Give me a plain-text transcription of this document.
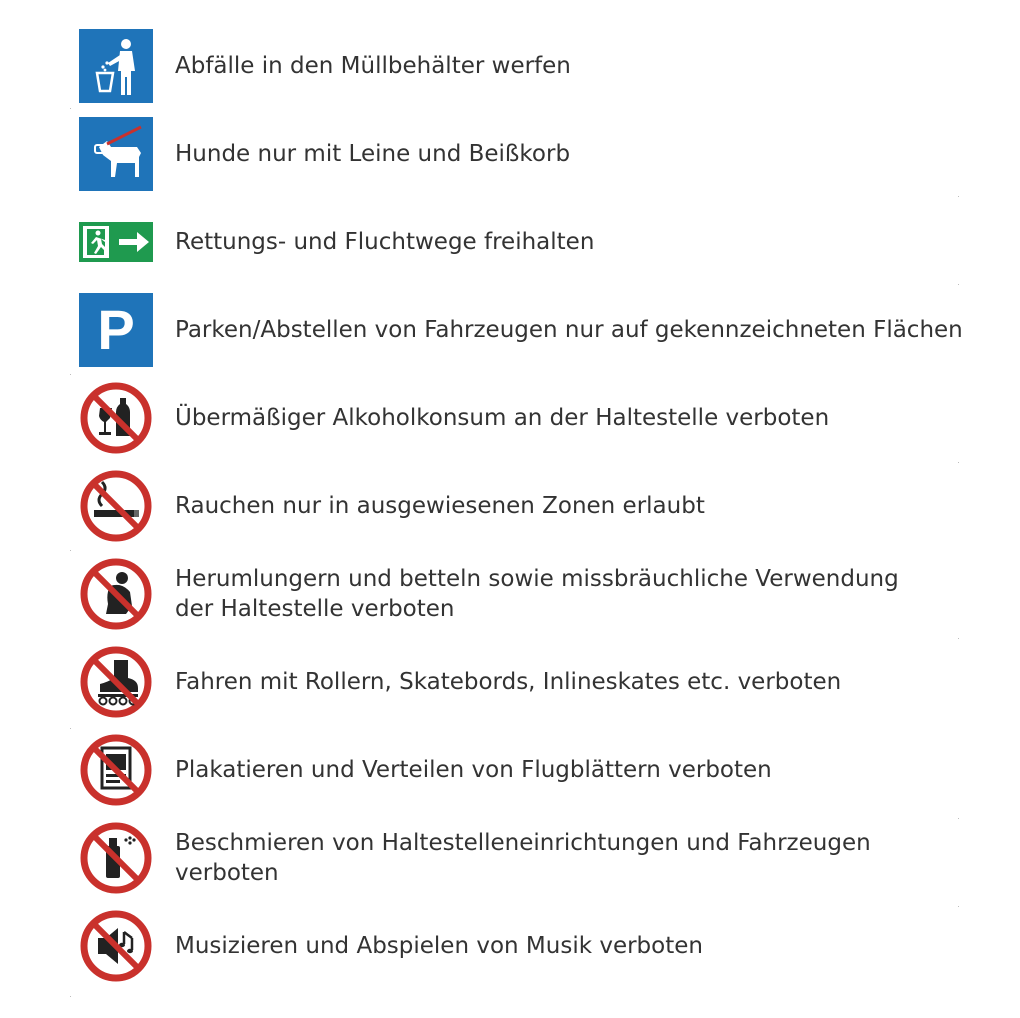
Abfälle in den Müllbehälter werfen
Hunde nur mit Leine und Beißkorb
Rettungs- und Fluchtwege freihalten
P Parken/Abstellen von Fahrzeugen nur auf gekennzeichneten Flächen
Übermäßiger Alkoholkonsum an der Haltestelle verboten
Rauchen nur in ausgewiesenen Zonen erlaubt
Herumlungern und betteln sowie missbräuchliche Verwendung
der Haltestelle verboten
Fahren mit Rollern, Skatebords, Inlineskates etc. verboten
Plakatieren und Verteilen von Flugblättern verboten
Beschmieren von Haltestelleneinrichtungen und Fahrzeugen verboten
Musizieren und Abspielen von Musik verboten
